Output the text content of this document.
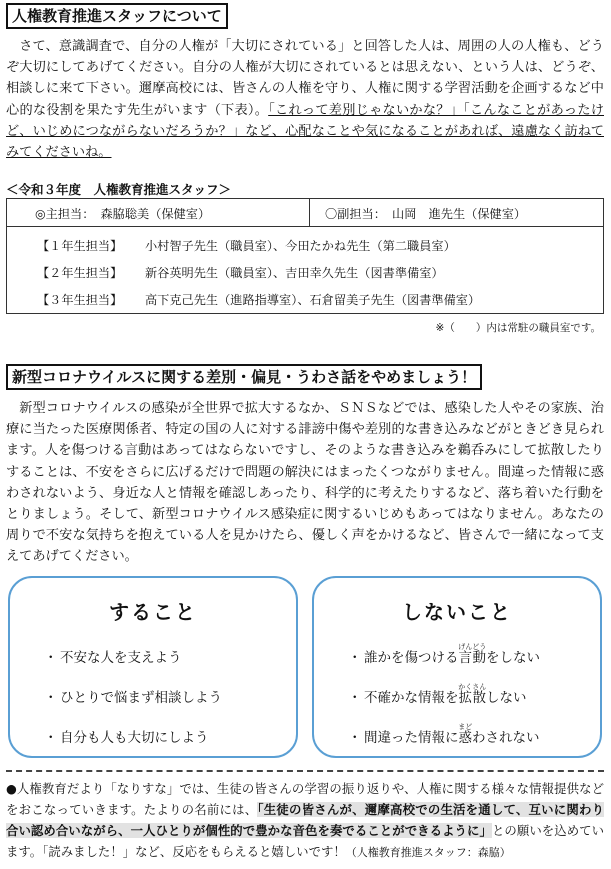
人権教育推進スタッフについて

さて、意識調査で、自分の人権が「大切にされている」と回答した人は、周囲の人の人権も、どうぞ大切にしてあげてください。自分の人権が大切にされているとは思えない、という人は、どうぞ、相談しに来て下さい。邇摩高校には、皆さんの人権を守り、人権に関する学習活動を企画するなど中心的な役割を果たす先生がいます（下表）。「これって差別じゃないかな？」「こんなことがあったけど、いじめにつながらないだろうか？」など、心配なことや気になることがあれば、遠慮なく訪ねてみてくださいね。

＜令和３年度　人権教育推進スタッフ＞
◎主担当：　森脇聡美（保健室）	〇副担当：　山岡　進先生（保健室）
【１年生担当】 小村智子先生（職員室）、今田たかね先生（第二職員室）
【２年生担当】 新谷英明先生（職員室）、吉田幸久先生（図書準備室）
【３年生担当】 高下克己先生（進路指導室）、石倉留美子先生（図書準備室）
※（　　）内は常駐の職員室です。
新型コロナウイルスに関する差別・偏見・うわさ話をやめましょう！

新型コロナウイルスの感染が全世界で拡大するなか、ＳＮＳなどでは、感染した人やその家族、治療に当たった医療関係者、特定の国の人に対する誹謗中傷や差別的な書き込みなどがときどき見られます。人を傷つける言動はあってはならないですし、そのような書き込みを鵜呑みにして拡散したりすることは、不安をさらに広げるだけで問題の解決にはまったくつながりません。間違った情報に惑わされないよう、身近な人と情報を確認しあったり、科学的に考えたりするなど、落ち着いた行動をとりましょう。そして、新型コロナウイルス感染症に関するいじめもあってはなりません。あなたの周りで不安な気持ちを抱えている人を見かけたら、優しく声をかけるなど、皆さんで一緒になって支えてあげてください。

すること
・ 不安な人を支えよう
・ ひとりで悩まず相談しよう
・ 自分も人も大切にしよう
しないこと
・ 誰かを傷つける言動げんどうをしない
・ 不確かな情報を拡散かくさんしない
・ 間違った情報に惑まどわされない
●人権教育だより「なりすな」では、生徒の皆さんの学習の振り返りや、人権に関する様々な情報提供などをおこなっていきます。たよりの名前には、「生徒の皆さんが、邇摩高校での生活を通して、互いに関わり合い認め合いながら、一人ひとりが個性的で豊かな音色を奏でることができるように」との願いを込めています。「読みました！」など、反応をもらえると嬉しいです！（人権教育推進スタッフ：森脇）
